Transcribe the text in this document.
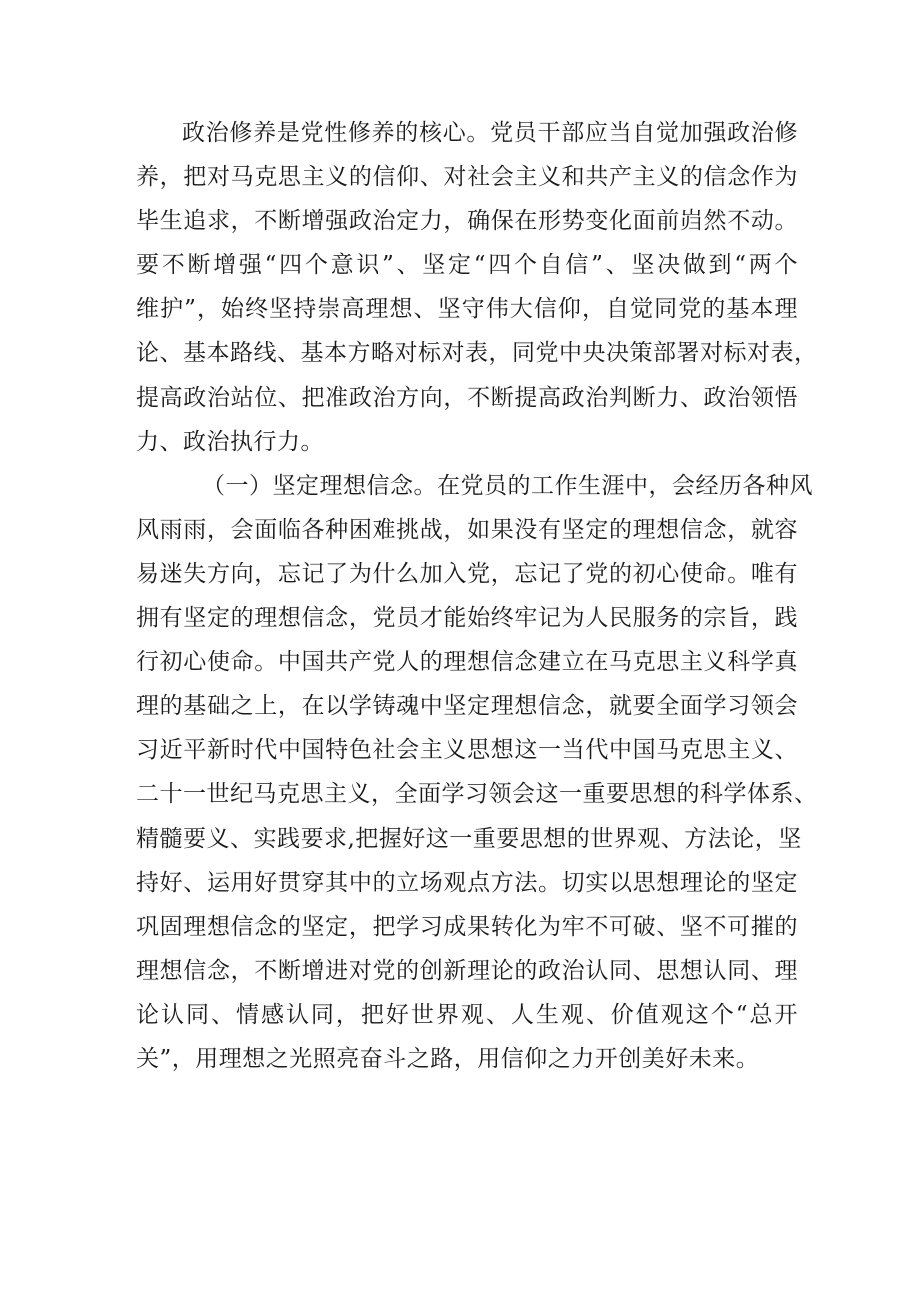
政治修养是党性修养的核心。党员干部应当自觉加强政治修
养，把对马克思主义的信仰、对社会主义和共产主义的信念作为
毕生追求，不断增强政治定力，确保在形势变化面前岿然不动。
要不断增强“四个意识”、坚定“四个自信”、坚决做到“两个
维护”，始终坚持崇高理想、坚守伟大信仰，自觉同党的基本理
论、基本路线、基本方略对标对表，同党中央决策部署对标对表，
提高政治站位、把准政治方向，不断提高政治判断力、政治领悟
力、政治执行力。
（一）坚定理想信念。在党员的工作生涯中，会经历各种风
风雨雨，会面临各种困难挑战，如果没有坚定的理想信念，就容
易迷失方向，忘记了为什么加入党，忘记了党的初心使命。唯有
拥有坚定的理想信念，党员才能始终牢记为人民服务的宗旨，践
行初心使命。中国共产党人的理想信念建立在马克思主义科学真
理的基础之上，在以学铸魂中坚定理想信念，就要全面学习领会
习近平新时代中国特色社会主义思想这一当代中国马克思主义、
二十一世纪马克思主义，全面学习领会这一重要思想的科学体系、
精髓要义、实践要求,把握好这一重要思想的世界观、方法论，坚
持好、运用好贯穿其中的立场观点方法。切实以思想理论的坚定
巩固理想信念的坚定，把学习成果转化为牢不可破、坚不可摧的
理想信念，不断增进对党的创新理论的政治认同、思想认同、理
论认同、情感认同，把好世界观、人生观、价值观这个“总开
关”，用理想之光照亮奋斗之路，用信仰之力开创美好未来。
